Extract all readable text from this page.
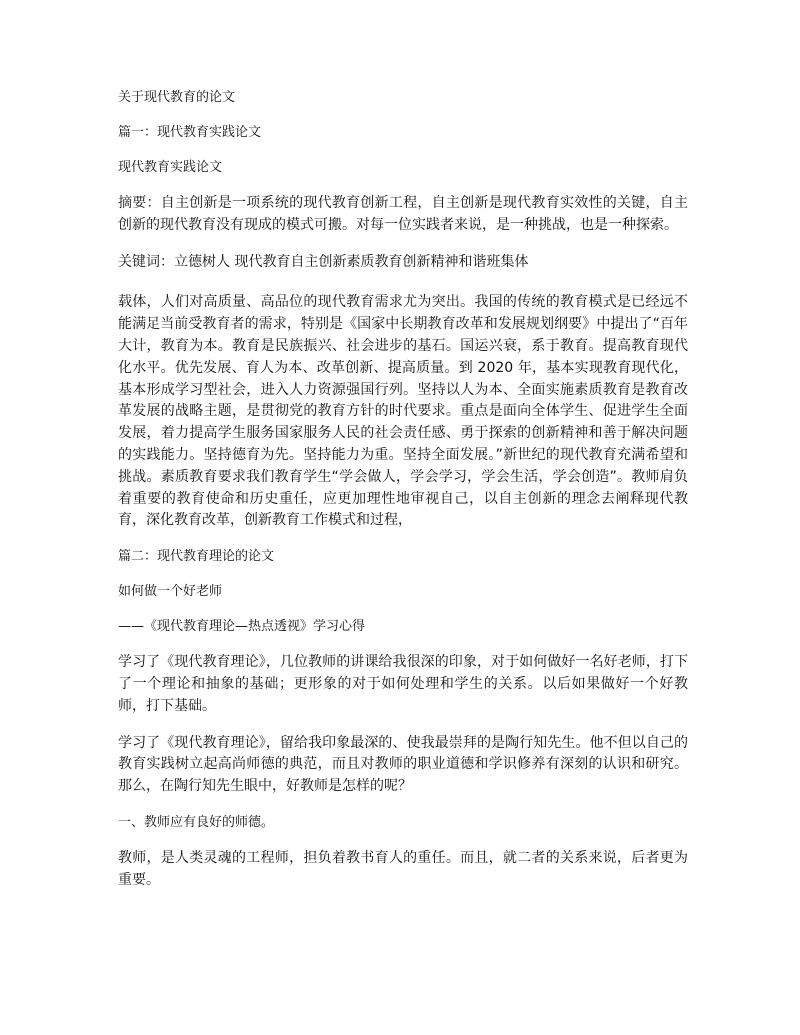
关于现代教育的论文

篇一：现代教育实践论文

现代教育实践论文

摘要：自主创新是一项系统的现代教育创新工程，自主创新是现代教育实效性的关键，自主创新的现代教育没有现成的模式可搬。对每一位实践者来说，是一种挑战，也是一种探索。

关键词：立德树人 现代教育自主创新素质教育创新精神和谐班集体

载体，人们对高质量、高品位的现代教育需求尤为突出。我国的传统的教育模式是已经远不能满足当前受教育者的需求，特别是《国家中长期教育改革和发展规划纲要》中提出了“百年大计，教育为本。教育是民族振兴、社会进步的基石。国运兴衰，系于教育。提高教育现代化水平。优先发展、育人为本、改革创新、提高质量。到 2020 年，基本实现教育现代化，基本形成学习型社会，进入人力资源强国行列。坚持以人为本、全面实施素质教育是教育改革发展的战略主题，是贯彻党的教育方针的时代要求。重点是面向全体学生、促进学生全面发展，着力提高学生服务国家服务人民的社会责任感、勇于探索的创新精神和善于解决问题的实践能力。坚持德育为先。坚持能力为重。坚持全面发展。”新世纪的现代教育充满希望和挑战。素质教育要求我们教育学生“学会做人，学会学习，学会生活，学会创造”。教师肩负着重要的教育使命和历史重任，应更加理性地审视自己，以自主创新的理念去阐释现代教育，深化教育改革，创新教育工作模式和过程，

篇二：现代教育理论的论文

如何做一个好老师

——《现代教育理论—热点透视》学习心得

学习了《现代教育理论》，几位教师的讲课给我很深的印象，对于如何做好一名好老师，打下了一个理论和抽象的基础；更形象的对于如何处理和学生的关系。以后如果做好一个好教师，打下基础。

学习了《现代教育理论》，留给我印象最深的、使我最崇拜的是陶行知先生。他不但以自己的教育实践树立起高尚师德的典范，而且对教师的职业道德和学识修养有深刻的认识和研究。那么，在陶行知先生眼中，好教师是怎样的呢？

一、教师应有良好的师德。

教师，是人类灵魂的工程师，担负着教书育人的重任。而且，就二者的关系来说，后者更为重要。
